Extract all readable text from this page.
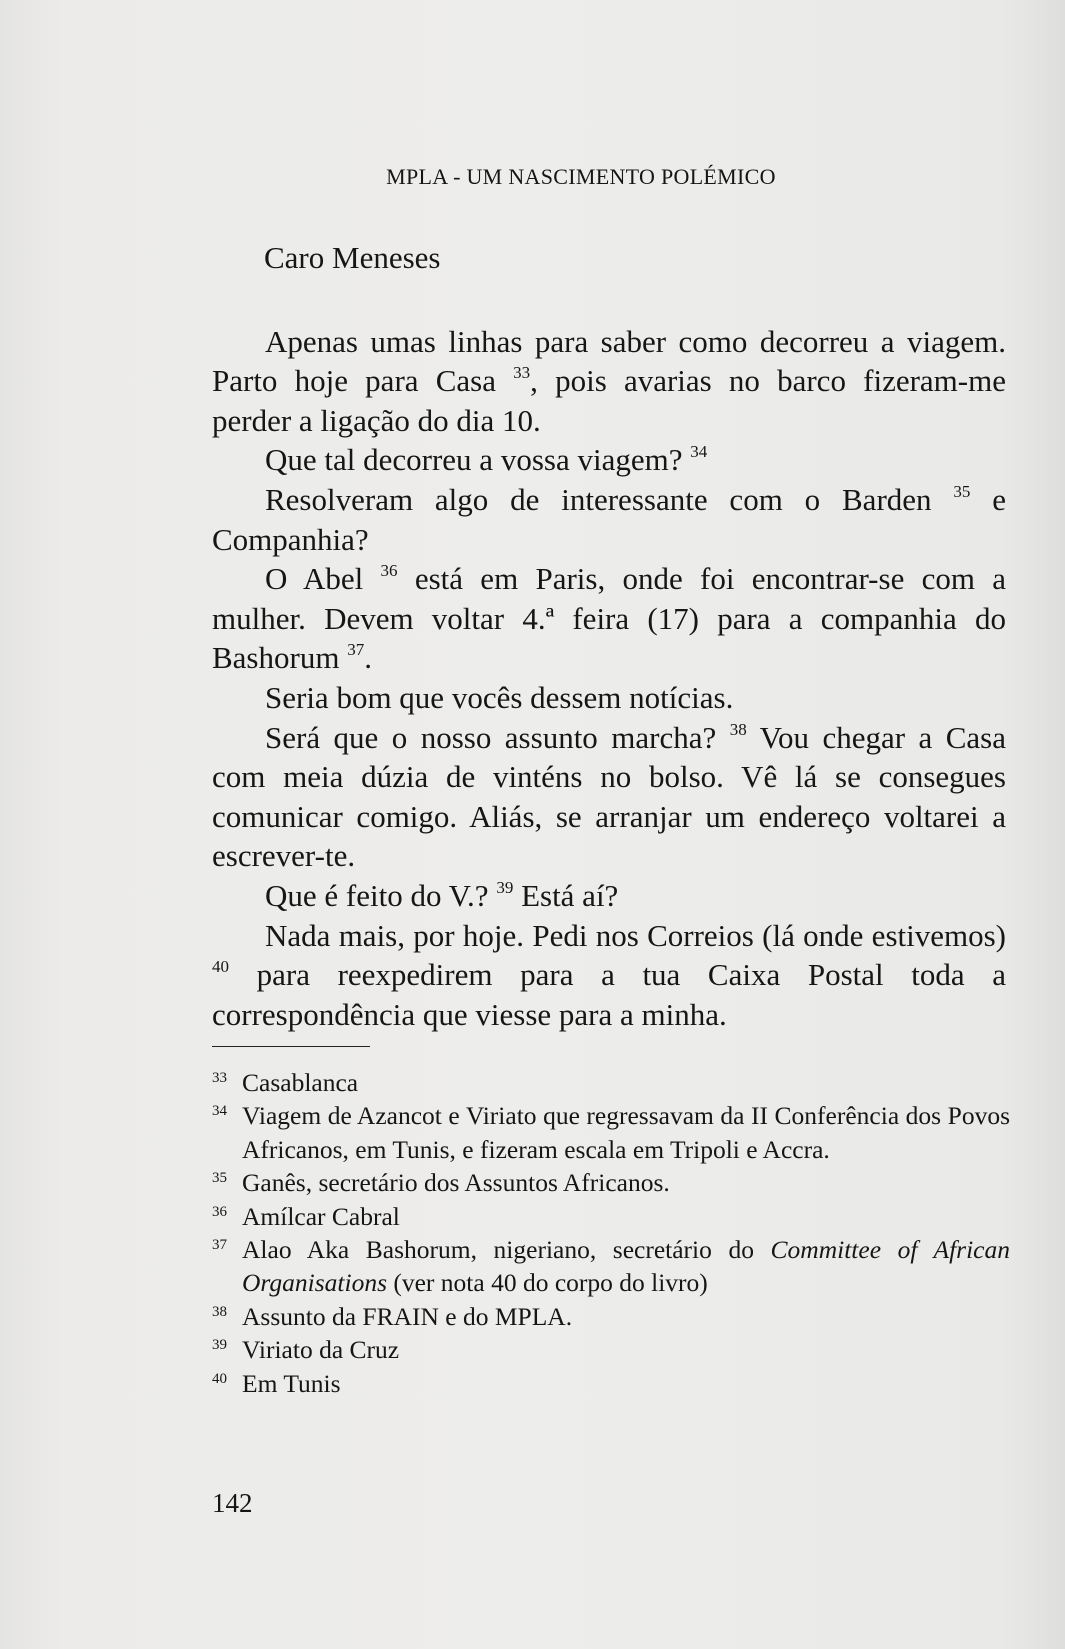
MPLA - UM NASCIMENTO POLÉMICO

Caro Meneses

Apenas umas linhas para saber como decorreu a viagem. Parto hoje para Casa $^{33}$, pois avarias no barco fizeram-me perder a ligação do dia 10.

Que tal decorreu a vossa viagem? $^{34}$

Resolveram algo de interessante com o Barden $^{35}$ e Companhia?

O Abel $^{36}$ está em Paris, onde foi encontrar-se com a mulher. Devem voltar 4.ª feira (17) para a companhia do Bashorum $^{37}$.

Seria bom que vocês dessem notícias.

Será que o nosso assunto marcha? $^{38}$ Vou chegar a Casa com meia dúzia de vinténs no bolso. Vê lá se consegues comunicar comigo. Aliás, se arranjar um endereço voltarei a escrever-te.

Que é feito do V.? $^{39}$ Está aí?

Nada mais, por hoje. Pedi nos Correios (lá onde estivemos) $^{40}$ para reexpedirem para a tua Caixa Postal toda a correspondência que viesse para a minha.

33 Casablanca
34 Viagem de Azancot e Viriato que regressavam da II Conferência dos Povos Africanos, em Tunis, e fizeram escala em Tripoli e Accra.
35 Ganês, secretário dos Assuntos Africanos.
36 Amílcar Cabral
37 Alao Aka Bashorum, nigeriano, secretário do Committee of African Organisations (ver nota 40 do corpo do livro)
38 Assunto da FRAIN e do MPLA.
39 Viriato da Cruz
40 Em Tunis
142
